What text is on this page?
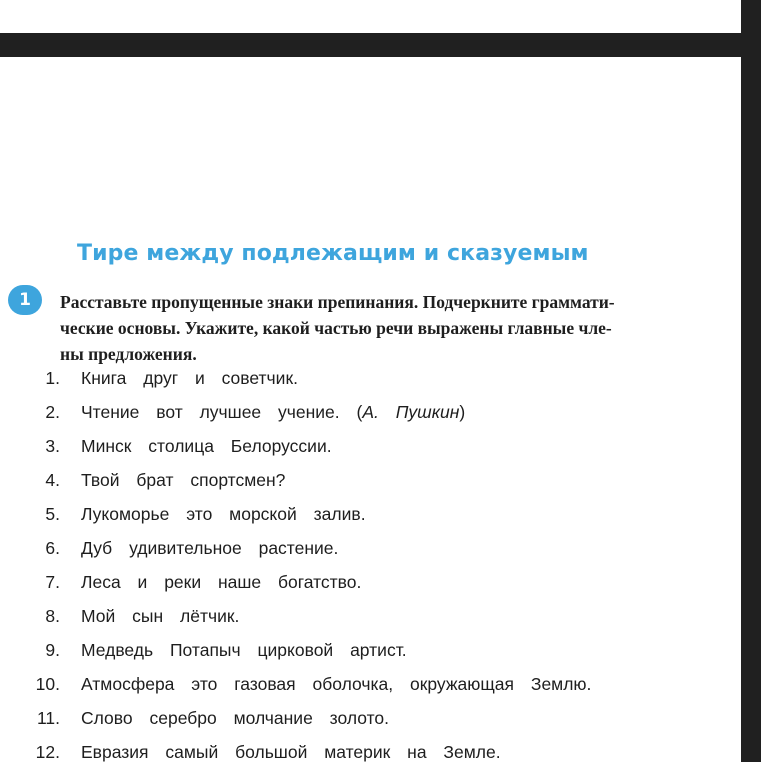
Тире между подлежащим и сказуемым
1	Расставьте пропущенные знаки препинания. Подчеркните граммати-
ческие основы. Укажите, какой частью речи выражены главные чле-
ны предложения.
1. Книга друг и советчик.
2. Чтение вот лучшее учение. (А. Пушкин)
3. Минск столица Белоруссии.
4. Твой брат спортсмен?
5. Лукоморье это морской залив.
6. Дуб удивительное растение.
7. Леса и реки наше богатство.
8. Мой сын лётчик.
9. Медведь Потапыч цирковой артист.
10. Атмосфера это газовая оболочка, окружающая Землю.
11. Слово серебро молчание золото.
12. Евразия самый большой материк на Земле.
